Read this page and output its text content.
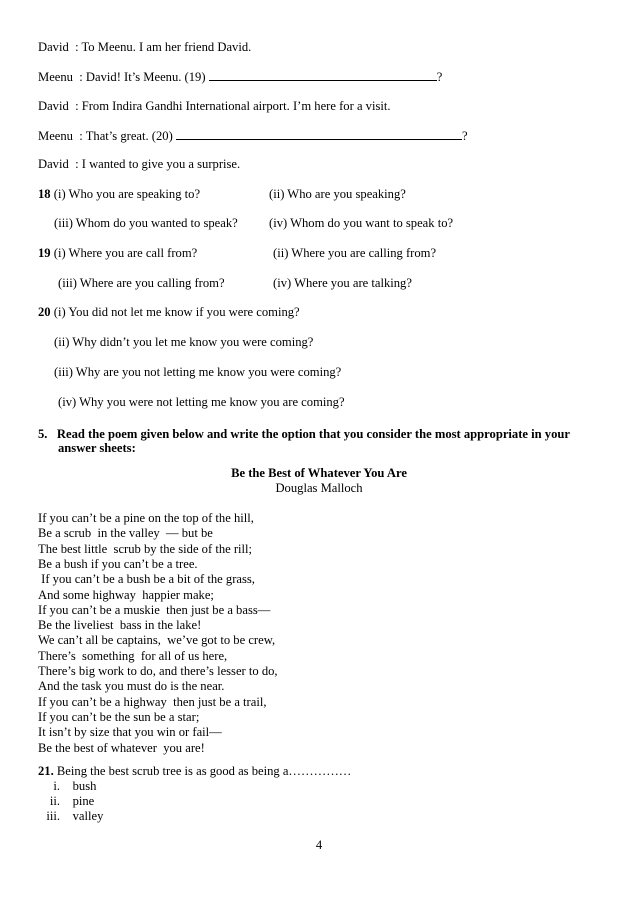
David : To Meenu. I am her friend David.
Meenu : David! It’s Meenu. (19)	?
David : From Indira Gandhi International airport. I’m here for a visit.
Meenu : That’s great. (20)	?
David : I wanted to give you a surprise.
18 (i) Who you are speaking to?	(ii) Who are you speaking?
(iii) Whom do you wanted to speak? (iv) Whom do you want to speak to?
19 (i) Where you are call from?	(ii) Where you are calling from?
(iii) Where are you calling from?	(iv) Where you are talking?
20 (i) You did not let me know if you were coming?
(ii) Why didn’t you let me know you were coming?
(iii) Why are you not letting me know you were coming?
(iv) Why you were not letting me know you are coming?
5. Read the poem given below and write the option that you consider the most appropriate in your
answer sheets:
Be the Best of Whatever You Are
Douglas Malloch
If you can’t be a pine on the top of the hill,
Be a scrub  in the valley  — but be
The best little  scrub by the side of the rill;
Be a bush if you can’t be a tree.
If you can’t be a bush be a bit of the grass,
And some highway  happier make;
If you can’t be a muskie  then just be a bass—
Be the liveliest  bass in the lake!
We can’t all be captains,  we’ve got to be crew,
There’s  something  for all of us here,
There’s big work to do, and there’s lesser to do,
And the task you must do is the near.
If you can’t be a highway  then just be a trail,
If you can’t be the sun be a star;
It isn’t by size that you win or fail—
Be the best of whatever  you are!
21. Being the best scrub tree is as good as being a……………
i. bush
ii. pine
iii. valley
4
